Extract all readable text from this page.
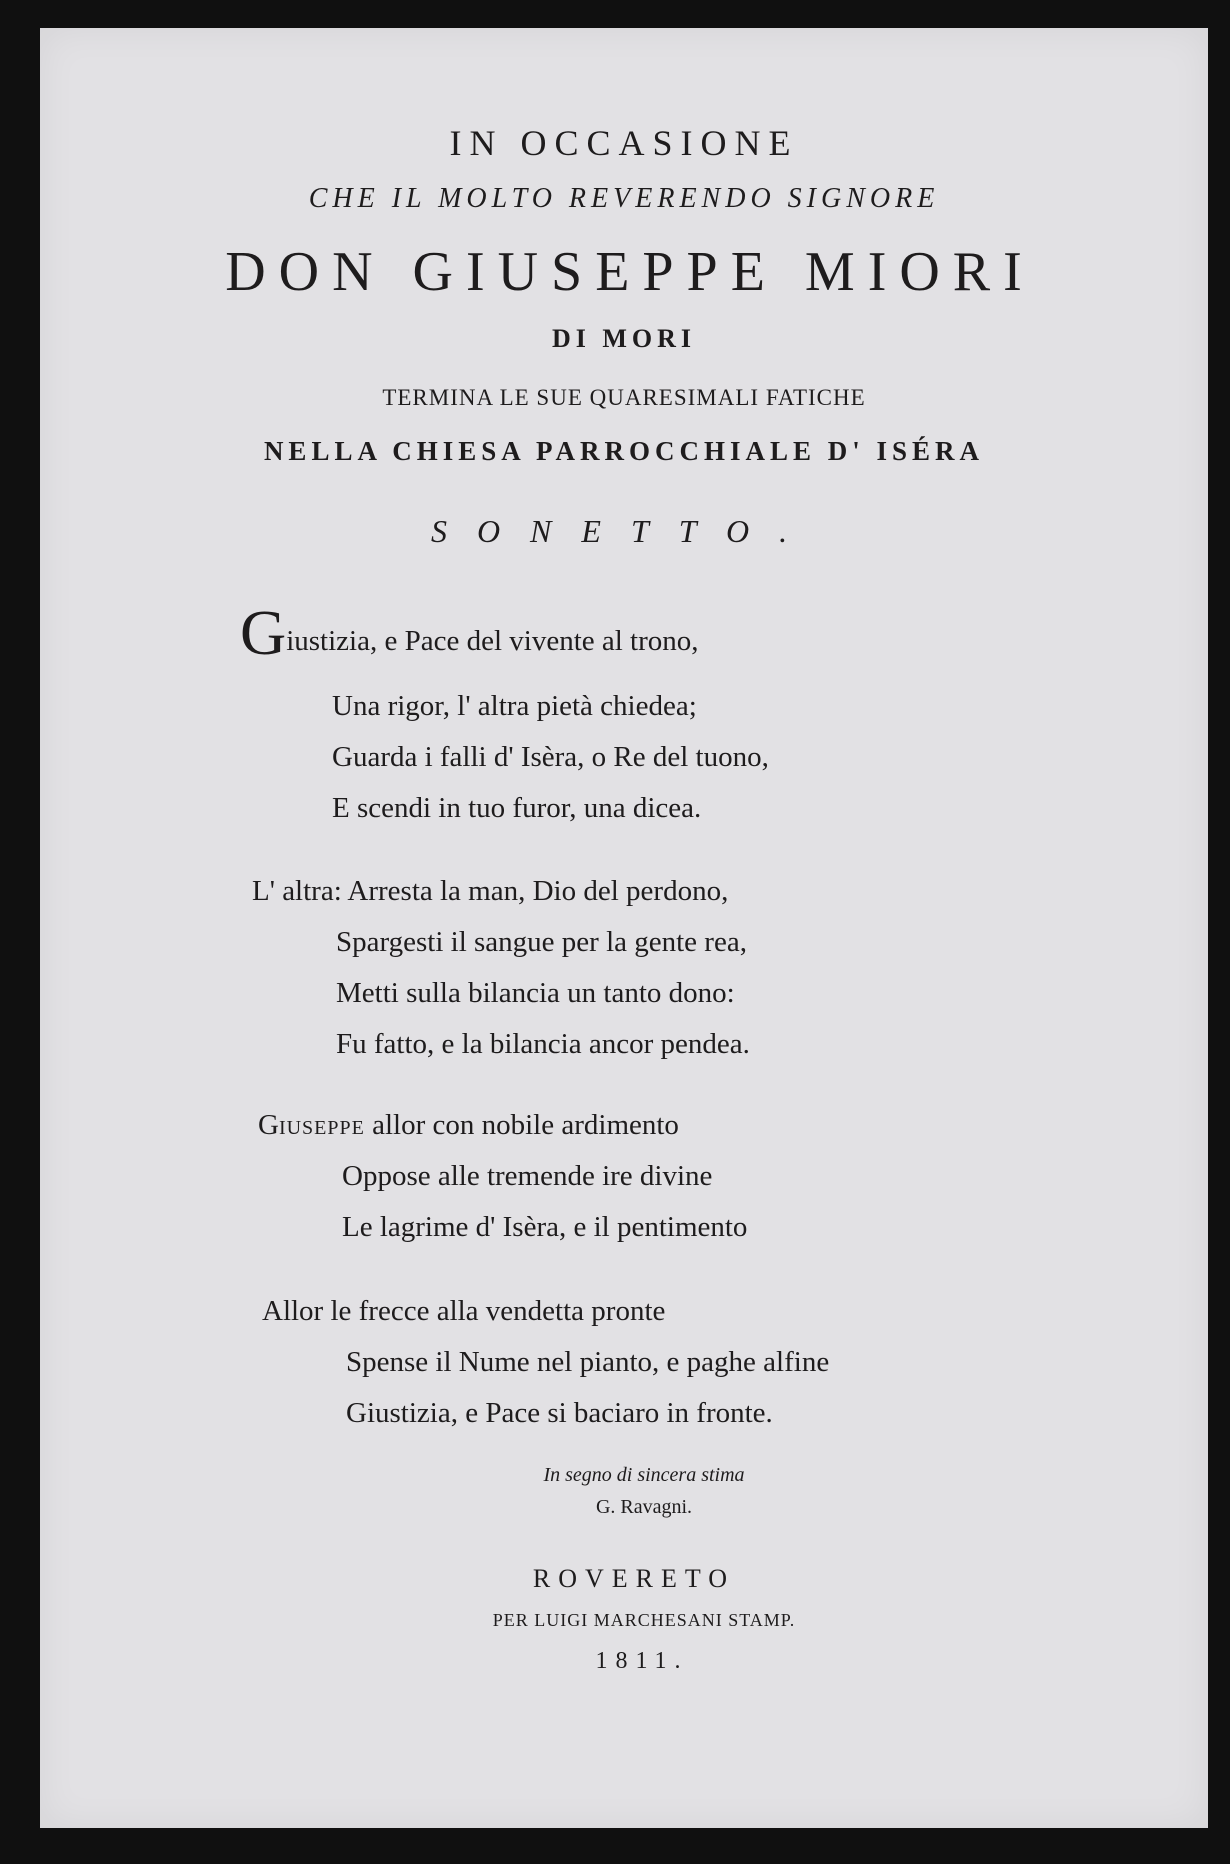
IN OCCASIONE
CHE IL MOLTO REVERENDO SIGNORE
DON GIUSEPPE MIORI
DI MORI
TERMINA LE SUE QUARESIMALI FATICHE
NELLA CHIESA PARROCCHIALE D' ISÉRA
SONETTO.
Giustizia, e Pace del vivente al trono,
Una rigor, l' altra pietà chiedea;
Guarda i falli d' Isèra, o Re del tuono,
E scendi in tuo furor, una dicea.
L' altra: Arresta la man, Dio del perdono,
Spargesti il sangue per la gente rea,
Metti sulla bilancia un tanto dono:
Fu fatto, e la bilancia ancor pendea.
GIUSEPPE allor con nobile ardimento
Oppose alle tremende ire divine
Le lagrime d' Isèra, e il pentimento
Allor le frecce alla vendetta pronte
Spense il Nume nel pianto, e paghe alfine
Giustizia, e Pace si baciaro in fronte.
In segno di sincera stima
G. Ravagni.
ROVERETO
PER LUIGI MARCHESANI STAMP.
1811.
